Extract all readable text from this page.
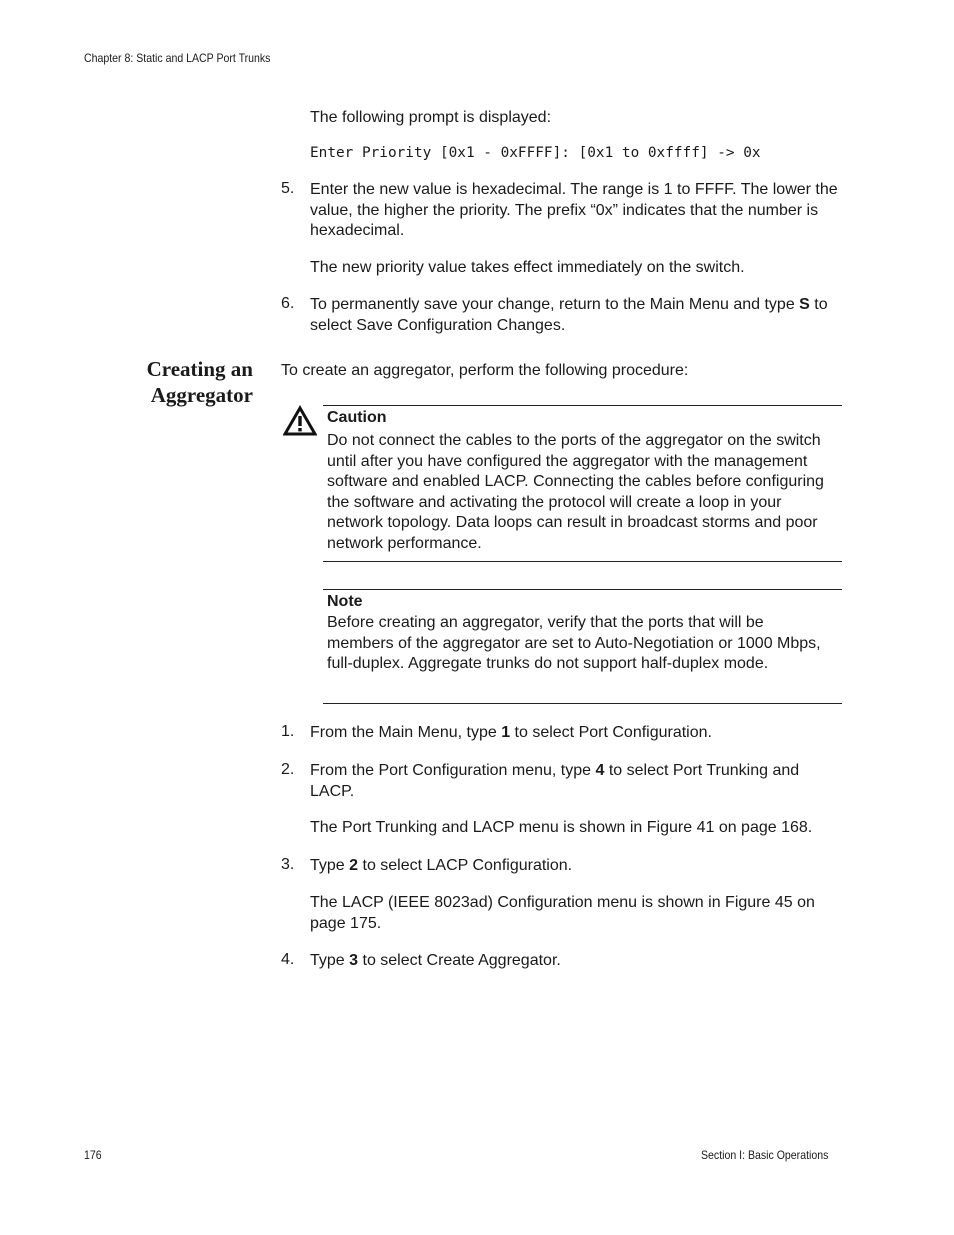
Chapter 8: Static and LACP Port Trunks
The following prompt is displayed:
Enter Priority [0x1 - 0xFFFF]: [0x1 to 0xffff] -> 0x
5. Enter the new value is hexadecimal. The range is 1 to FFFF. The lower the value, the higher the priority. The prefix “0x” indicates that the number is hexadecimal.
The new priority value takes effect immediately on the switch.
6. To permanently save your change, return to the Main Menu and type S to select Save Configuration Changes.
Creating an
Aggregator
To create an aggregator, perform the following procedure:
Caution
Do not connect the cables to the ports of the aggregator on the switch until after you have configured the aggregator with the management software and enabled LACP. Connecting the cables before configuring the software and activating the protocol will create a loop in your network topology. Data loops can result in broadcast storms and poor network performance.
Note
Before creating an aggregator, verify that the ports that will be members of the aggregator are set to Auto-Negotiation or 1000 Mbps, full-duplex. Aggregate trunks do not support half-duplex mode.
1. From the Main Menu, type 1 to select Port Configuration.
2. From the Port Configuration menu, type 4 to select Port Trunking and LACP.
The Port Trunking and LACP menu is shown in Figure 41 on page 168.
3. Type 2 to select LACP Configuration.
The LACP (IEEE 8023ad) Configuration menu is shown in Figure 45 on page 175.
4. Type 3 to select Create Aggregator.
176	Section I: Basic Operations
